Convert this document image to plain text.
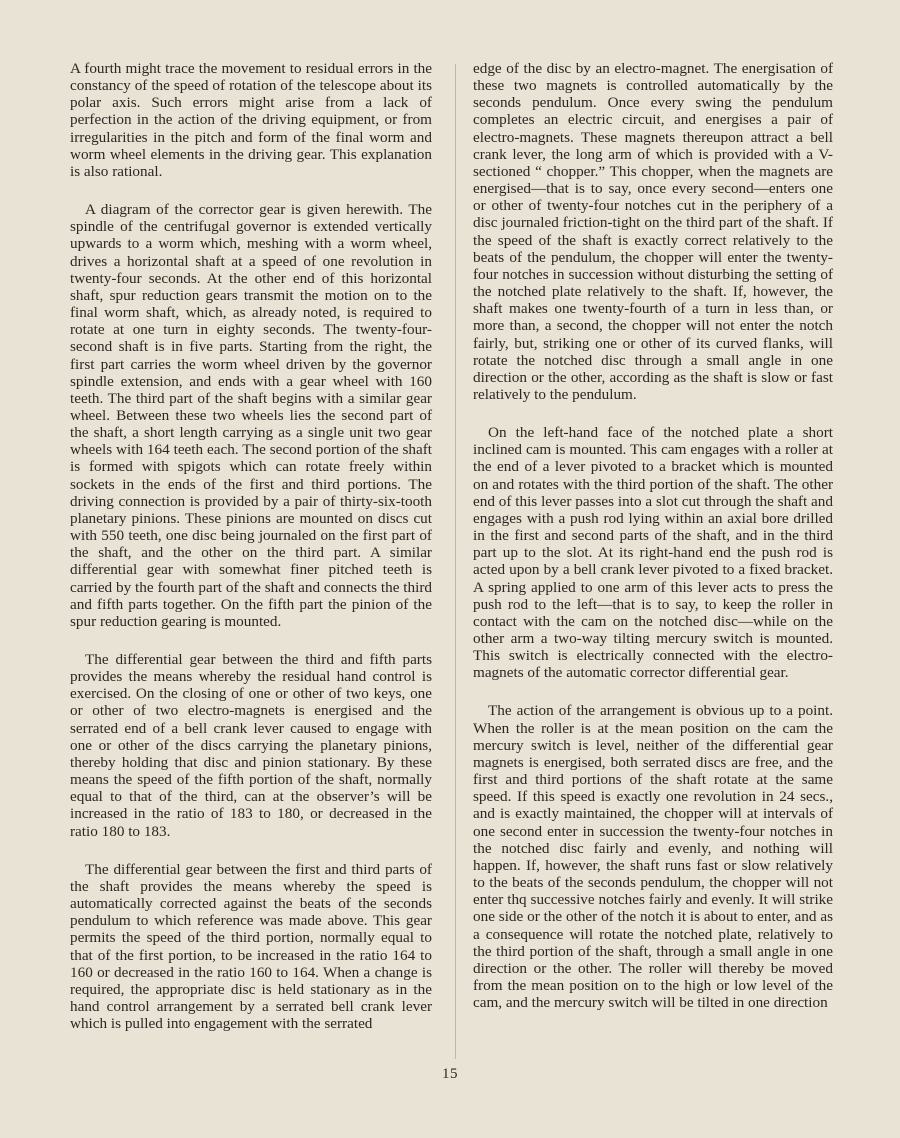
A fourth might trace the movement to residual errors in the constancy of the speed of rotation of the telescope about its polar axis. Such errors might arise from a lack of perfection in the action of the driving equipment, or from irregularities in the pitch and form of the final worm and worm wheel elements in the driving gear. This explanation is also rational.

A diagram of the corrector gear is given herewith. The spindle of the centrifugal governor is extended vertically upwards to a worm which, meshing with a worm wheel, drives a horizontal shaft at a speed of one revolution in twenty-four seconds. At the other end of this horizontal shaft, spur reduction gears transmit the motion on to the final worm shaft, which, as already noted, is required to rotate at one turn in eighty seconds. The twenty-four-second shaft is in five parts. Starting from the right, the first part carries the worm wheel driven by the governor spindle extension, and ends with a gear wheel with 160 teeth. The third part of the shaft begins with a similar gear wheel. Between these two wheels lies the second part of the shaft, a short length carrying as a single unit two gear wheels with 164 teeth each. The second portion of the shaft is formed with spigots which can rotate freely within sockets in the ends of the first and third portions. The driving connection is provided by a pair of thirty-six-tooth planetary pinions. These pinions are mounted on discs cut with 550 teeth, one disc being journaled on the first part of the shaft, and the other on the third part. A similar differential gear with somewhat finer pitched teeth is carried by the fourth part of the shaft and connects the third and fifth parts together. On the fifth part the pinion of the spur reduction gearing is mounted.

The differential gear between the third and fifth parts provides the means whereby the residual hand control is exercised. On the closing of one or other of two keys, one or other of two electro-magnets is energised and the serrated end of a bell crank lever caused to engage with one or other of the discs carrying the planetary pinions, thereby holding that disc and pinion stationary. By these means the speed of the fifth portion of the shaft, normally equal to that of the third, can at the observer’s will be increased in the ratio of 183 to 180, or decreased in the ratio 180 to 183.

The differential gear between the first and third parts of the shaft provides the means whereby the speed is automatically corrected against the beats of the seconds pendulum to which reference was made above. This gear permits the speed of the third portion, normally equal to that of the first portion, to be increased in the ratio 164 to 160 or decreased in the ratio 160 to 164. When a change is required, the appropriate disc is held stationary as in the hand control arrangement by a serrated bell crank lever which is pulled into engagement with the serrated

edge of the disc by an electro-magnet. The energisation of these two magnets is controlled automatically by the seconds pendulum. Once every swing the pendulum completes an electric circuit, and energises a pair of electro-magnets. These magnets thereupon attract a bell crank lever, the long arm of which is provided with a V-sectioned “ chopper.” This chopper, when the magnets are energised—that is to say, once every second—enters one or other of twenty-four notches cut in the periphery of a disc journaled friction-tight on the third part of the shaft. If the speed of the shaft is exactly correct relatively to the beats of the pendulum, the chopper will enter the twenty-four notches in succession without disturbing the setting of the notched plate relatively to the shaft. If, however, the shaft makes one twenty-fourth of a turn in less than, or more than, a second, the chopper will not enter the notch fairly, but, striking one or other of its curved flanks, will rotate the notched disc through a small angle in one direction or the other, according as the shaft is slow or fast relatively to the pendulum.

On the left-hand face of the notched plate a short inclined cam is mounted. This cam engages with a roller at the end of a lever pivoted to a bracket which is mounted on and rotates with the third portion of the shaft. The other end of this lever passes into a slot cut through the shaft and engages with a push rod lying within an axial bore drilled in the first and second parts of the shaft, and in the third part up to the slot. At its right-hand end the push rod is acted upon by a bell crank lever pivoted to a fixed bracket. A spring applied to one arm of this lever acts to press the push rod to the left—that is to say, to keep the roller in contact with the cam on the notched disc—while on the other arm a two-way tilting mercury switch is mounted. This switch is electrically connected with the electro-magnets of the automatic corrector differential gear.

The action of the arrangement is obvious up to a point. When the roller is at the mean position on the cam the mercury switch is level, neither of the differential gear magnets is energised, both serrated discs are free, and the first and third portions of the shaft rotate at the same speed. If this speed is exactly one revolution in 24 secs., and is exactly maintained, the chopper will at intervals of one second enter in succession the twenty-four notches in the notched disc fairly and evenly, and nothing will happen. If, however, the shaft runs fast or slow relatively to the beats of the seconds pendulum, the chopper will not enter thq successive notches fairly and evenly. It will strike one side or the other of the notch it is about to enter, and as a consequence will rotate the notched plate, relatively to the third portion of the shaft, through a small angle in one direction or the other. The roller will thereby be moved from the mean position on to the high or low level of the cam, and the mercury switch will be tilted in one direction

15
